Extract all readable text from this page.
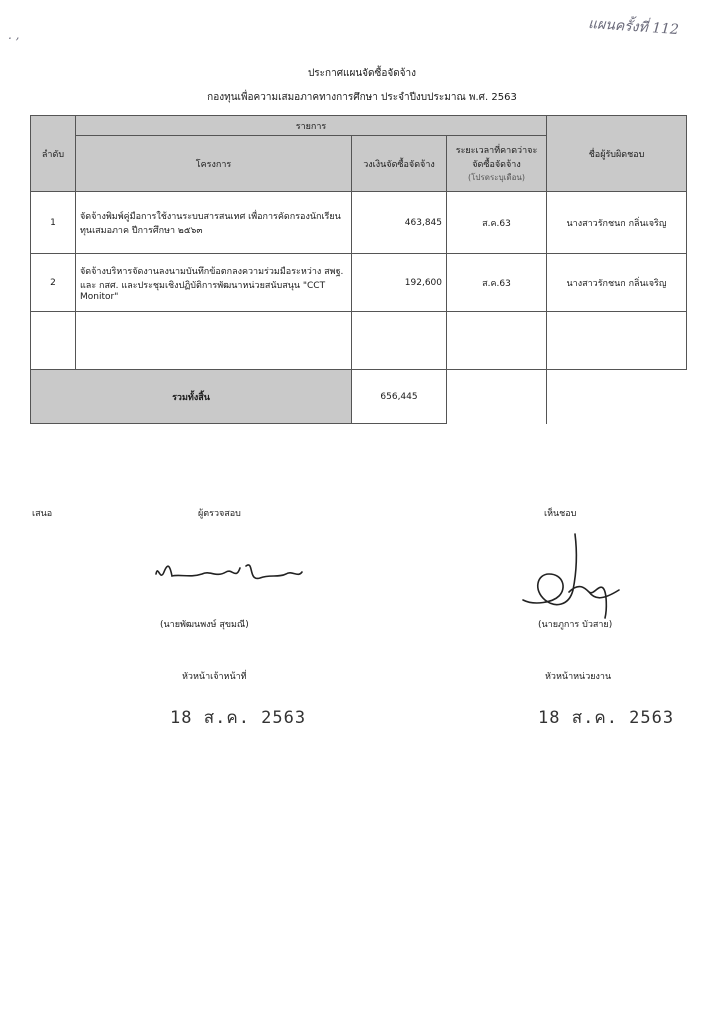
. ,	แผนครั้งที่ 112
ประกาศแผนจัดซื้อจัดจ้าง
กองทุนเพื่อความเสมอภาคทางการศึกษา ประจำปีงบประมาณ พ.ศ. 2563
ลำดับ	รายการ			ชื่อผู้รับผิดชอบ
	โครงการ	วงเงินจัดซื้อจัดจ้าง	ระยะเวลาที่คาดว่าจะจัดซื้อจัดจ้าง
(โปรดระบุเดือน)	

1	จัดจ้างพิมพ์คู่มือการใช้งานระบบสารสนเทศ เพื่อการคัดกรองนักเรียนทุนเสมอภาค ปีการศึกษา ๒๕๖๓	463,845	ส.ค.63	นางสาวรักชนก กลิ่นเจริญ
2	จัดจ้างบริหารจัดงานลงนามบันทึกข้อตกลงความร่วมมือระหว่าง สพฐ. และ กสศ. และประชุมเชิงปฏิบัติการพัฒนาหน่วยสนับสนุน "CCT Monitor"	192,600	ส.ค.63	นางสาวรักชนก กลิ่นเจริญ

รวมทั้งสิ้น		656,445		
เสนอ	ผู้ตรวจสอบ	เห็นชอบ
(นายพัฒนพงษ์ สุขมณี)	(นายภูการ บัวสาย)
หัวหน้าเจ้าหน้าที่	หัวหน้าหน่วยงาน
18 ส.ค. 2563	18 ส.ค. 2563
